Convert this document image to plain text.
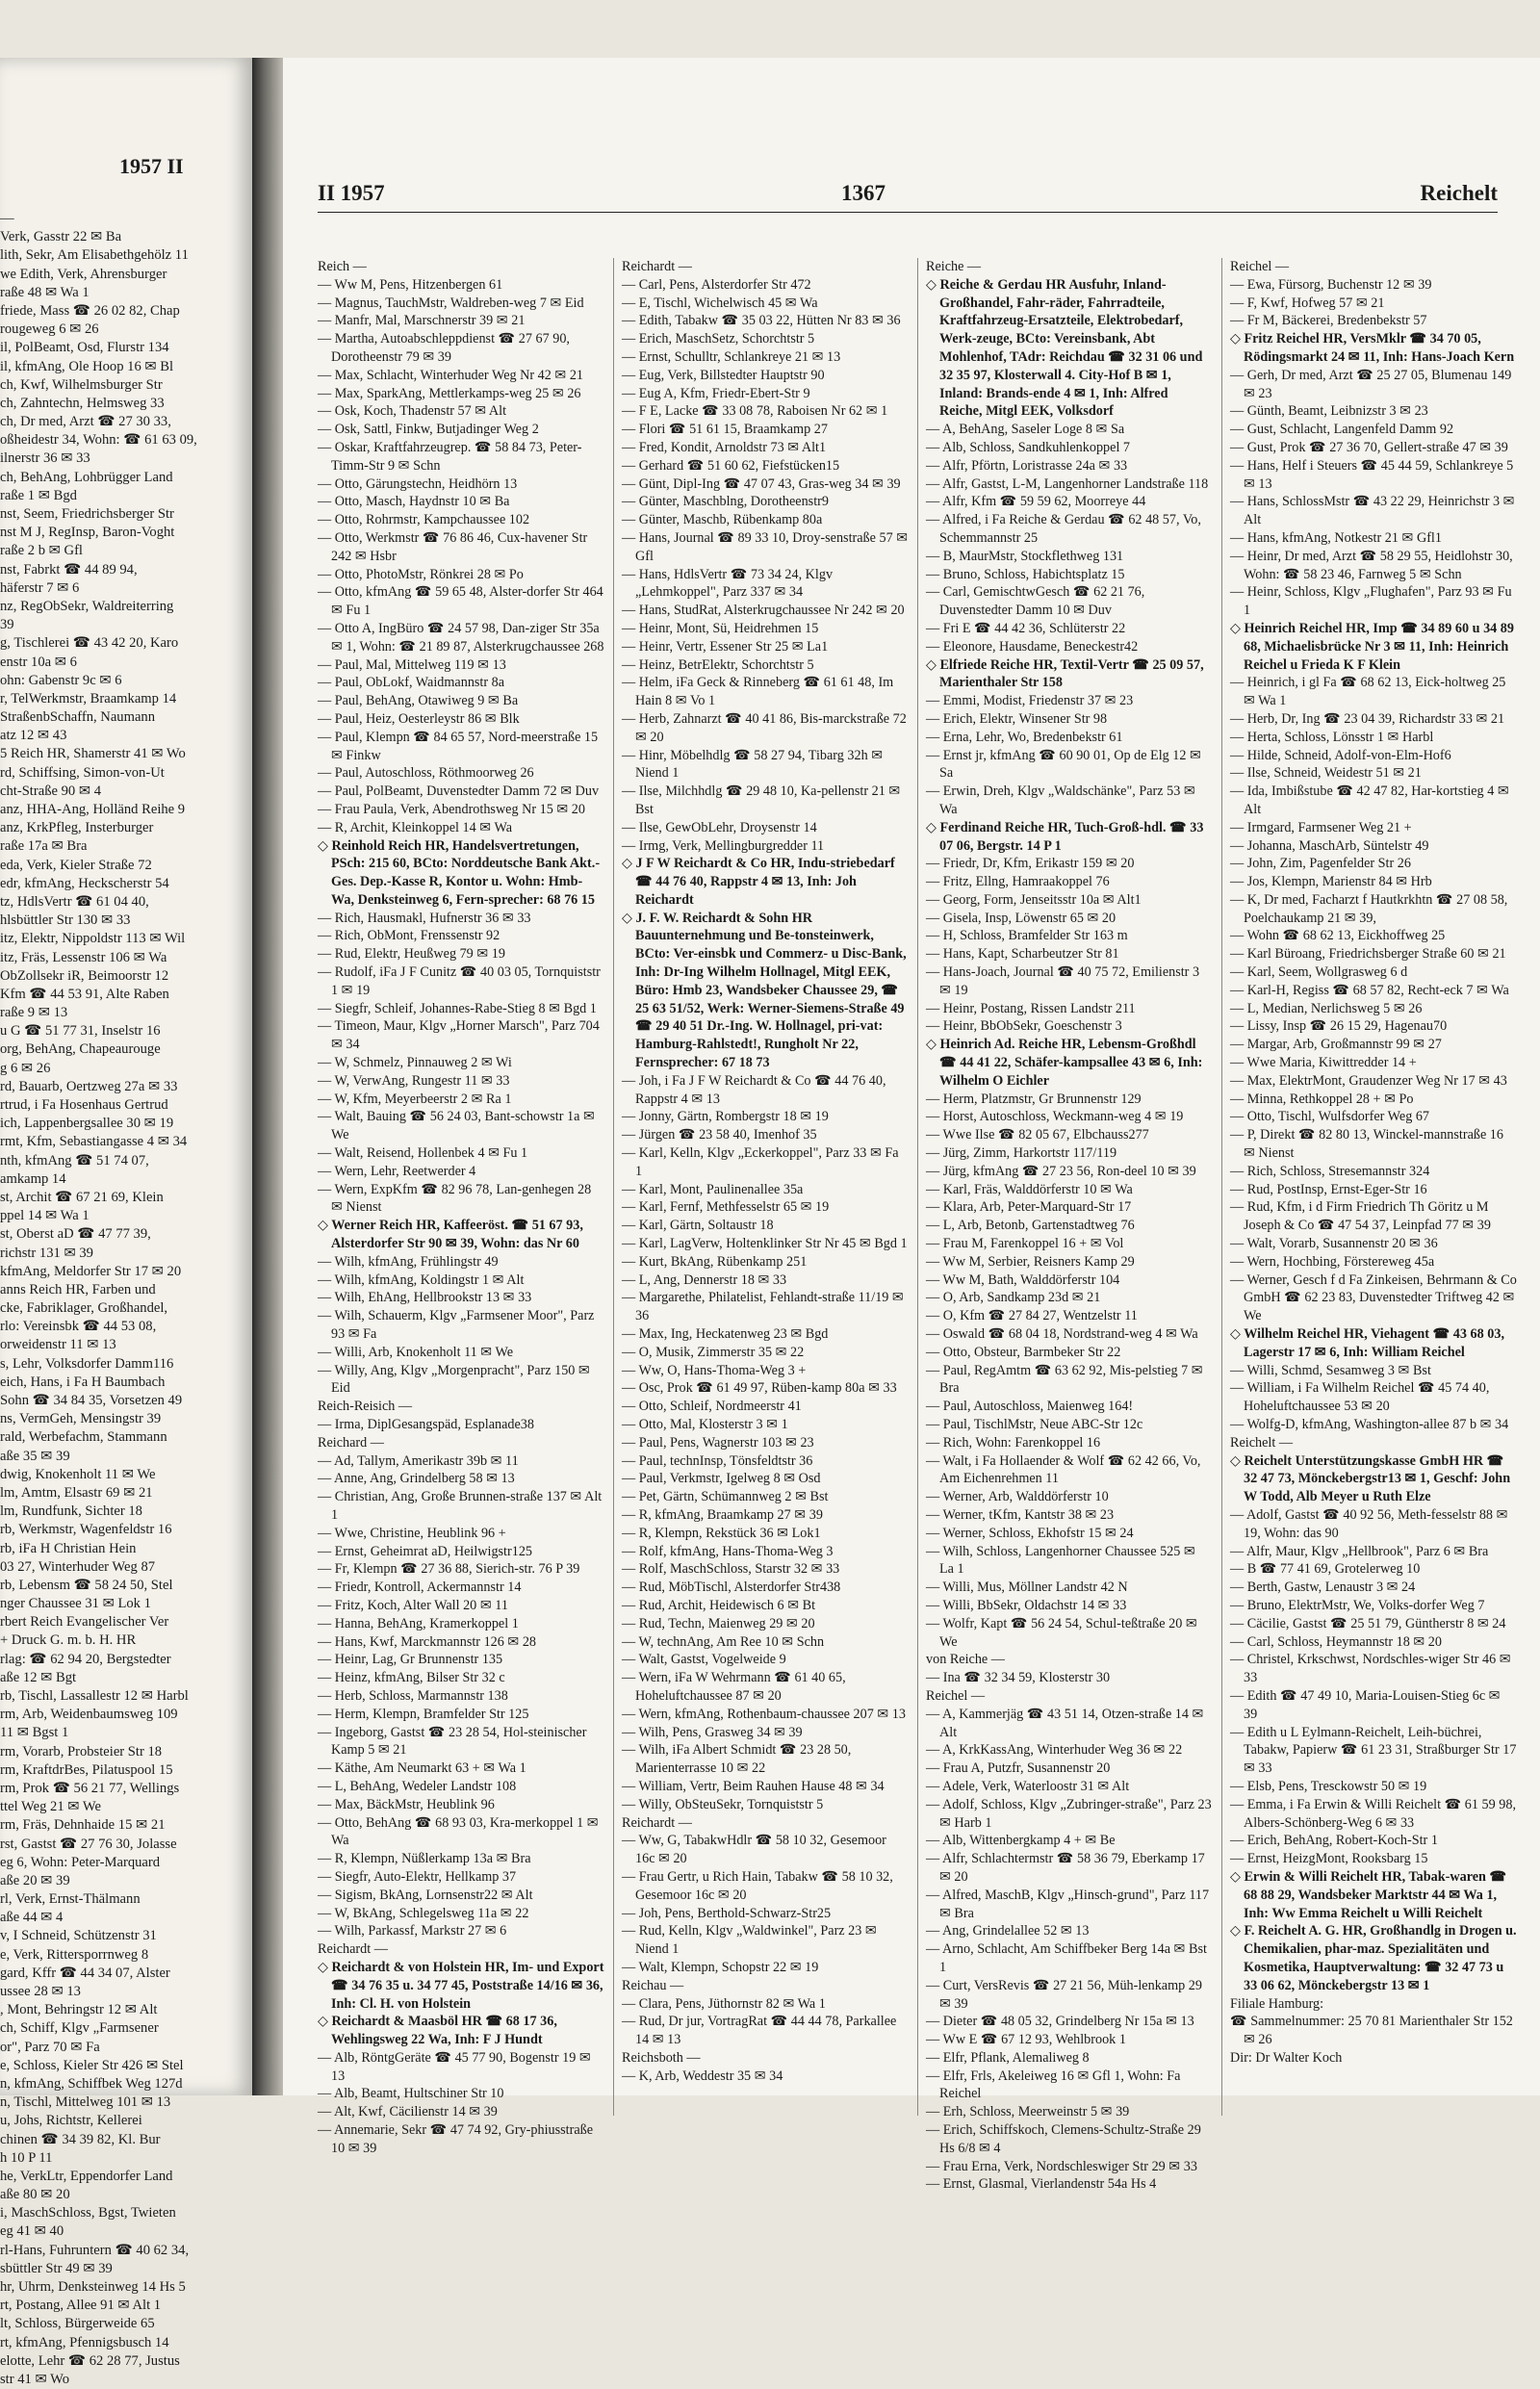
1957 II
—
Verk, Gasstr 22 ✉ Ba
lith, Sekr, Am Elisabethgehölz 11
we Edith, Verk, Ahrensburger
raße 48 ✉ Wa 1
friede, Mass ☎ 26 02 82, Chap
rougeweg 6 ✉ 26
il, PolBeamt, Osd, Flurstr 134
il, kfmAng, Ole Hoop 16 ✉ Bl
ch, Kwf, Wilhelmsburger Str
ch, Zahntechn, Helmsweg 33
ch, Dr med, Arzt ☎ 27 30 33,
oßheidestr 34, Wohn: ☎ 61 63 09,
ilnerstr 36 ✉ 33
ch, BehAng, Lohbrügger Land
raße 1 ✉ Bgd
nst, Seem, Friedrichsberger Str
nst M J, RegInsp, Baron-Voght
raße 2 b ✉ Gfl
nst, Fabrkt ☎ 44 89 94,
häferstr 7 ✉ 6
nz, RegObSekr, Waldreiterring
39
g, Tischlerei ☎ 43 42 20, Karo
enstr 10a ✉ 6
ohn: Gabenstr 9c ✉ 6
r, TelWerkmstr, Braamkamp 14
StraßenbSchaffn, Naumann
atz 12 ✉ 43
5 Reich HR, Shamerstr 41 ✉ Wo
rd, Schiffsing, Simon-von-Ut
cht-Straße 90 ✉ 4
anz, HHA-Ang, Holländ Reihe 9
anz, KrkPfleg, Insterburger
raße 17a ✉ Bra
eda, Verk, Kieler Straße 72
edr, kfmAng, Heckscherstr 54
tz, HdlsVertr ☎ 61 04 40,
hlsbüttler Str 130 ✉ 33
itz, Elektr, Nippoldstr 113 ✉ Wil
itz, Fräs, Lessenstr 106 ✉ Wa
ObZollsekr iR, Beimoorstr 12
Kfm ☎ 44 53 91, Alte Raben
raße 9 ✉ 13
u G ☎ 51 77 31, Inselstr 16
org, BehAng, Chapeaurouge
g 6 ✉ 26
rd, Bauarb, Oertzweg 27a ✉ 33
rtrud, i Fa Hosenhaus Gertrud
ich, Lappenbergsallee 30 ✉ 19
rmt, Kfm, Sebastiangasse 4 ✉ 34
nth, kfmAng ☎ 51 74 07,
amkamp 14
st, Archit ☎ 67 21 69, Klein
ppel 14 ✉ Wa 1
st, Oberst aD ☎ 47 77 39,
richstr 131 ✉ 39
kfmAng, Meldorfer Str 17 ✉ 20
anns Reich HR, Farben und
cke, Fabriklager, Großhandel,
rlo: Vereinsbk ☎ 44 53 08,
orweidenstr 11 ✉ 13
s, Lehr, Volksdorfer Damm116
eich, Hans, i Fa H Baumbach
Sohn ☎ 34 84 35, Vorsetzen 49
ns, VermGeh, Mensingstr 39
rald, Werbefachm, Stammann
aße 35 ✉ 39
dwig, Knokenholt 11 ✉ We
lm, Amtm, Elsastr 69 ✉ 21
lm, Rundfunk, Sichter 18
rb, Werkmstr, Wagenfeldstr 16
rb, iFa H Christian Hein
03 27, Winterhuder Weg 87
rb, Lebensm ☎ 58 24 50, Stel
nger Chaussee 31 ✉ Lok 1
rbert Reich Evangelischer Ver
+ Druck G. m. b. H. HR
rlag: ☎ 62 94 20, Bergstedter
aße 12 ✉ Bgt
rb, Tischl, Lassallestr 12 ✉ Harbl
rm, Arb, Weidenbaumsweg 109
11 ✉ Bgst 1
rm, Vorarb, Probsteier Str 18
rm, KraftdrBes, Pilatuspool 15
rm, Prok ☎ 56 21 77, Wellings
ttel Weg 21 ✉ We
rm, Fräs, Dehnhaide 15 ✉ 21
rst, Gastst ☎ 27 76 30, Jolasse
eg 6, Wohn: Peter-Marquard
aße 20 ✉ 39
rl, Verk, Ernst-Thälmann
aße 44 ✉ 4
v, I Schneid, Schützenstr 31
e, Verk, Rittersporrnweg 8
gard, Kffr ☎ 44 34 07, Alster
ussee 28 ✉ 13
, Mont, Behringstr 12 ✉ Alt
ch, Schiff, Klgv „Farmsener
or", Parz 70 ✉ Fa
e, Schloss, Kieler Str 426 ✉ Stel
n, kfmAng, Schiffbek Weg 127d
n, Tischl, Mittelweg 101 ✉ 13
u, Johs, Richtstr, Kellerei
chinen ☎ 34 39 82, Kl. Bur
h 10 P 11
he, VerkLtr, Eppendorfer Land
aße 80 ✉ 20
i, MaschSchloss, Bgst, Twieten
eg 41 ✉ 40
rl-Hans, Fuhruntern ☎ 40 62 34,
sbüttler Str 49 ✉ 39
hr, Uhrm, Denksteinweg 14 Hs 5
rt, Postang, Allee 91 ✉ Alt 1
lt, Schloss, Bürgerweide 65
rt, kfmAng, Pfennigsbusch 14
elotte, Lehr ☎ 62 28 77, Justus
str 41 ✉ Wo
II 1957	1367	Reichelt

Reich —

— Ww M, Pens, Hitzenbergen 61

— Magnus, TauchMstr, Waldreben-weg 7 ✉ Eid

— Manfr, Mal, Marschnerstr 39 ✉ 21

— Martha, Autoabschleppdienst ☎ 27 67 90, Dorotheenstr 79 ✉ 39

— Max, Schlacht, Winterhuder Weg Nr 42 ✉ 21

— Max, SparkAng, Mettlerkamps-weg 25 ✉ 26

— Osk, Koch, Thadenstr 57 ✉ Alt

— Osk, Sattl, Finkw, Butjadinger Weg 2

— Oskar, Kraftfahrzeugrep. ☎ 58 84 73, Peter-Timm-Str 9 ✉ Schn

— Otto, Gärungstechn, Heidhörn 13

— Otto, Masch, Haydnstr 10 ✉ Ba

— Otto, Rohrmstr, Kampchaussee 102

— Otto, Werkmstr ☎ 76 86 46, Cux-havener Str 242 ✉ Hsbr

— Otto, PhotoMstr, Rönkrei 28 ✉ Po

— Otto, kfmAng ☎ 59 65 48, Alster-dorfer Str 464 ✉ Fu 1

— Otto A, IngBüro ☎ 24 57 98, Dan-ziger Str 35a ✉ 1, Wohn: ☎ 21 89 87, Alsterkrugchaussee 268

— Paul, Mal, Mittelweg 119 ✉ 13

— Paul, ObLokf, Waidmannstr 8a

— Paul, BehAng, Otawiweg 9 ✉ Ba

— Paul, Heiz, Oesterleystr 86 ✉ Blk

— Paul, Klempn ☎ 84 65 57, Nord-meerstraße 15 ✉ Finkw

— Paul, Autoschloss, Röthmoorweg 26

— Paul, PolBeamt, Duvenstedter Damm 72 ✉ Duv

— Frau Paula, Verk, Abendrothsweg Nr 15 ✉ 20

— R, Archit, Kleinkoppel 14 ✉ Wa

◇ Reinhold Reich HR, Handelsvertretungen, PSch: 215 60, BCto: Norddeutsche Bank Akt.-Ges. Dep.-Kasse R, Kontor u. Wohn: Hmb-Wa, Denksteinweg 6, Fern-sprecher: 68 76 15

— Rich, Hausmakl, Hufnerstr 36 ✉ 33

— Rich, ObMont, Frenssenstr 92

— Rud, Elektr, Heußweg 79 ✉ 19

— Rudolf, iFa J F Cunitz ☎ 40 03 05, Tornquiststr 1 ✉ 19

— Siegfr, Schleif, Johannes-Rabe-Stieg 8 ✉ Bgd 1

— Timeon, Maur, Klgv „Horner Marsch", Parz 704 ✉ 34

— W, Schmelz, Pinnauweg 2 ✉ Wi

— W, VerwAng, Rungestr 11 ✉ 33

— W, Kfm, Meyerbeerstr 2 ✉ Ra 1

— Walt, Bauing ☎ 56 24 03, Bant-schowstr 1a ✉ We

— Walt, Reisend, Hollenbek 4 ✉ Fu 1

— Wern, Lehr, Reetwerder 4

— Wern, ExpKfm ☎ 82 96 78, Lan-genhegen 28 ✉ Nienst

◇ Werner Reich HR, Kaffeeröst. ☎ 51 67 93, Alsterdorfer Str 90 ✉ 39, Wohn: das Nr 60

— Wilh, kfmAng, Frühlingstr 49

— Wilh, kfmAng, Koldingstr 1 ✉ Alt

— Wilh, EhAng, Hellbrookstr 13 ✉ 33

— Wilh, Schauerm, Klgv „Farmsener Moor", Parz 93 ✉ Fa

— Willi, Arb, Knokenholt 11 ✉ We

— Willy, Ang, Klgv „Morgenpracht", Parz 150 ✉ Eid

Reich-Reisich —

— Irma, DiplGesangspäd, Esplanade38

Reichard —

— Ad, Tallym, Amerikastr 39b ✉ 11

— Anne, Ang, Grindelberg 58 ✉ 13

— Christian, Ang, Große Brunnen-straße 137 ✉ Alt 1

— Wwe, Christine, Heublink 96 +

— Ernst, Geheimrat aD, Heilwigstr125

— Fr, Klempn ☎ 27 36 88, Sierich-str. 76 P 39

— Friedr, Kontroll, Ackermannstr 14

— Fritz, Koch, Alter Wall 20 ✉ 11

— Hanna, BehAng, Kramerkoppel 1

— Hans, Kwf, Marckmannstr 126 ✉ 28

— Heinr, Lag, Gr Brunnenstr 135

— Heinz, kfmAng, Bilser Str 32 c

— Herb, Schloss, Marmannstr 138

— Herm, Klempn, Bramfelder Str 125

— Ingeborg, Gastst ☎ 23 28 54, Hol-steinischer Kamp 5 ✉ 21

— Käthe, Am Neumarkt 63 + ✉ Wa 1

— L, BehAng, Wedeler Landstr 108

— Max, BäckMstr, Heublink 96

— Otto, BehAng ☎ 68 93 03, Kra-merkoppel 1 ✉ Wa

— R, Klempn, Nüßlerkamp 13a ✉ Bra

— Siegfr, Auto-Elektr, Hellkamp 37

— Sigism, BkAng, Lornsenstr22 ✉ Alt

— W, BkAng, Schlegelsweg 11a ✉ 22

— Wilh, Parkassf, Markstr 27 ✉ 6

Reichardt —

◇ Reichardt & von Holstein HR, Im- und Export ☎ 34 76 35 u. 34 77 45, Poststraße 14/16 ✉ 36, Inh: Cl. H. von Holstein

◇ Reichardt & Maasböl HR ☎ 68 17 36, Wehlingsweg 22 Wa, Inh: F J Hundt

— Alb, RöntgGeräte ☎ 45 77 90, Bogenstr 19 ✉ 13

— Alb, Beamt, Hultschiner Str 10

— Alt, Kwf, Cäcilienstr 14 ✉ 39

— Annemarie, Sekr ☎ 47 74 92, Gry-phiusstraße 10 ✉ 39

Reichardt —

— Carl, Pens, Alsterdorfer Str 472

— E, Tischl, Wichelwisch 45 ✉ Wa

— Edith, Tabakw ☎ 35 03 22, Hütten Nr 83 ✉ 36

— Erich, MaschSetz, Schorchtstr 5

— Ernst, Schulltr, Schlankreye 21 ✉ 13

— Eug, Verk, Billstedter Hauptstr 90

— Eug A, Kfm, Friedr-Ebert-Str 9

— F E, Lacke ☎ 33 08 78, Raboisen Nr 62 ✉ 1

— Flori ☎ 51 61 15, Braamkamp 27

— Fred, Kondit, Arnoldstr 73 ✉ Alt1

— Gerhard ☎ 51 60 62, Fiefstücken15

— Günt, Dipl-Ing ☎ 47 07 43, Gras-weg 34 ✉ 39

— Günter, Maschblng, Dorotheenstr9

— Günter, Maschb, Rübenkamp 80a

— Hans, Journal ☎ 89 33 10, Droy-senstraße 57 ✉ Gfl

— Hans, HdlsVertr ☎ 73 34 24, Klgv „Lehmkoppel", Parz 337 ✉ 34

— Hans, StudRat, Alsterkrugchaussee Nr 242 ✉ 20

— Heinr, Mont, Sü, Heidrehmen 15

— Heinr, Vertr, Essener Str 25 ✉ La1

— Heinz, BetrElektr, Schorchtstr 5

— Helm, iFa Geck & Rinneberg ☎ 61 61 48, Im Hain 8 ✉ Vo 1

— Herb, Zahnarzt ☎ 40 41 86, Bis-marckstraße 72 ✉ 20

— Hinr, Möbelhdlg ☎ 58 27 94, Tibarg 32h ✉ Niend 1

— Ilse, Milchhdlg ☎ 29 48 10, Ka-pellenstr 21 ✉ Bst

— Ilse, GewObLehr, Droysenstr 14

— Irmg, Verk, Mellingburgredder 11

◇ J F W Reichardt & Co HR, Indu-striebedarf ☎ 44 76 40, Rappstr 4 ✉ 13, Inh: Joh Reichardt

◇ J. F. W. Reichardt & Sohn HR Bauunternehmung und Be-tonsteinwerk, BCto: Ver-einsbk und Commerz- u Disc-Bank, Inh: Dr-Ing Wilhelm Hollnagel, Mitgl EEK, Büro: Hmb 23, Wandsbeker Chaussee 29, ☎ 25 63 51/52, Werk: Werner-Siemens-Straße 49 ☎ 29 40 51 Dr.-Ing. W. Hollnagel, pri-vat: Hamburg-Rahlstedt!, Rungholt Nr 22, Fernsprecher: 67 18 73

— Joh, i Fa J F W Reichardt & Co ☎ 44 76 40, Rappstr 4 ✉ 13

— Jonny, Gärtn, Rombergstr 18 ✉ 19

— Jürgen ☎ 23 58 40, Imenhof 35

— Karl, Kelln, Klgv „Eckerkoppel", Parz 33 ✉ Fa 1

— Karl, Mont, Paulinenallee 35a

— Karl, Fernf, Methfesselstr 65 ✉ 19

— Karl, Gärtn, Soltaustr 18

— Karl, LagVerw, Holtenklinker Str Nr 45 ✉ Bgd 1

— Kurt, BkAng, Rübenkamp 251

— L, Ang, Dennerstr 18 ✉ 33

— Margarethe, Philatelist, Fehlandt-straße 11/19 ✉ 36

— Max, Ing, Heckatenweg 23 ✉ Bgd

— O, Musik, Zimmerstr 35 ✉ 22

— Ww, O, Hans-Thoma-Weg 3 +

— Osc, Prok ☎ 61 49 97, Rüben-kamp 80a ✉ 33

— Otto, Schleif, Nordmeerstr 41

— Otto, Mal, Klosterstr 3 ✉ 1

— Paul, Pens, Wagnerstr 103 ✉ 23

— Paul, technInsp, Tönsfeldtstr 36

— Paul, Verkmstr, Igelweg 8 ✉ Osd

— Pet, Gärtn, Schümannweg 2 ✉ Bst

— R, kfmAng, Braamkamp 27 ✉ 39

— R, Klempn, Rekstück 36 ✉ Lok1

— Rolf, kfmAng, Hans-Thoma-Weg 3

— Rolf, MaschSchloss, Starstr 32 ✉ 33

— Rud, MöbTischl, Alsterdorfer Str438

— Rud, Archit, Heidewisch 6 ✉ Bt

— Rud, Techn, Maienweg 29 ✉ 20

— W, technAng, Am Ree 10 ✉ Schn

— Walt, Gastst, Vogelweide 9

— Wern, iFa W Wehrmann ☎ 61 40 65, Hoheluftchaussee 87 ✉ 20

— Wern, kfmAng, Rothenbaum-chaussee 207 ✉ 13

— Wilh, Pens, Grasweg 34 ✉ 39

— Wilh, iFa Albert Schmidt ☎ 23 28 50, Marienterrasse 10 ✉ 22

— William, Vertr, Beim Rauhen Hause 48 ✉ 34

— Willy, ObSteuSekr, Tornquiststr 5

Reichardt —

— Ww, G, TabakwHdlr ☎ 58 10 32, Gesemoor 16c ✉ 20

— Frau Gertr, u Rich Hain, Tabakw ☎ 58 10 32, Gesemoor 16c ✉ 20

— Joh, Pens, Berthold-Schwarz-Str25

— Rud, Kelln, Klgv „Waldwinkel", Parz 23 ✉ Niend 1

— Walt, Klempn, Schopstr 22 ✉ 19

Reichau —

— Clara, Pens, Jüthornstr 82 ✉ Wa 1

— Rud, Dr jur, VortragRat ☎ 44 44 78, Parkallee 14 ✉ 13

Reichsboth —

— K, Arb, Weddestr 35 ✉ 34

Reiche —

◇ Reiche & Gerdau HR Ausfuhr, Inland-Großhandel, Fahr-räder, Fahrradteile, Kraftfahrzeug-Ersatzteile, Elektrobedarf, Werk-zeuge, BCto: Vereinsbank, Abt Mohlenhof, TAdr: Reichdau ☎ 32 31 06 und 32 35 97, Klosterwall 4. City-Hof B ✉ 1, Inland: Brands-ende 4 ✉ 1, Inh: Alfred Reiche, Mitgl EEK, Volksdorf

— A, BehAng, Saseler Loge 8 ✉ Sa

— Alb, Schloss, Sandkuhlenkoppel 7

— Alfr, Pförtn, Loristrasse 24a ✉ 33

— Alfr, Gastst, L-M, Langenhorner Landstraße 118

— Alfr, Kfm ☎ 59 59 62, Moorreye 44

— Alfred, i Fa Reiche & Gerdau ☎ 62 48 57, Vo, Schemmannstr 25

— B, MaurMstr, Stockflethweg 131

— Bruno, Schloss, Habichtsplatz 15

— Carl, GemischtwGesch ☎ 62 21 76, Duvenstedter Damm 10 ✉ Duv

— Fri E ☎ 44 42 36, Schlüterstr 22

— Eleonore, Hausdame, Beneckestr42

◇ Elfriede Reiche HR, Textil-Vertr ☎ 25 09 57, Marienthaler Str 158

— Emmi, Modist, Friedenstr 37 ✉ 23

— Erich, Elektr, Winsener Str 98

— Erna, Lehr, Wo, Bredenbekstr 61

— Ernst jr, kfmAng ☎ 60 90 01, Op de Elg 12 ✉ Sa

— Erwin, Dreh, Klgv „Waldschänke", Parz 53 ✉ Wa

◇ Ferdinand Reiche HR, Tuch-Groß-hdl. ☎ 33 07 06, Bergstr. 14 P 1

— Friedr, Dr, Kfm, Erikastr 159 ✉ 20

— Fritz, Ellng, Hamraakoppel 76

— Georg, Form, Jenseitsstr 10a ✉ Alt1

— Gisela, Insp, Löwenstr 65 ✉ 20

— H, Schloss, Bramfelder Str 163 m

— Hans, Kapt, Scharbeutzer Str 81

— Hans-Joach, Journal ☎ 40 75 72, Emilienstr 3 ✉ 19

— Heinr, Postang, Rissen Landstr 211

— Heinr, BbObSekr, Goeschenstr 3

◇ Heinrich Ad. Reiche HR, Lebensm-Großhdl ☎ 44 41 22, Schäfer-kampsallee 43 ✉ 6, Inh: Wilhelm O Eichler

— Herm, Platzmstr, Gr Brunnenstr 129

— Horst, Autoschloss, Weckmann-weg 4 ✉ 19

— Wwe Ilse ☎ 82 05 67, Elbchauss277

— Jürg, Zimm, Harkortstr 117/119

— Jürg, kfmAng ☎ 27 23 56, Ron-deel 10 ✉ 39

— Karl, Fräs, Walddörferstr 10 ✉ Wa

— Klara, Arb, Peter-Marquard-Str 17

— L, Arb, Betonb, Gartenstadtweg 76

— Frau M, Farenkoppel 16 + ✉ Vol

— Ww M, Serbier, Reisners Kamp 29

— Ww M, Bath, Walddörferstr 104

— O, Arb, Sandkamp 23d ✉ 21

— O, Kfm ☎ 27 84 27, Wentzelstr 11

— Oswald ☎ 68 04 18, Nordstrand-weg 4 ✉ Wa

— Otto, Obsteur, Barmbeker Str 22

— Paul, RegAmtm ☎ 63 62 92, Mis-pelstieg 7 ✉ Bra

— Paul, Autoschloss, Maienweg 164!

— Paul, TischlMstr, Neue ABC-Str 12c

— Rich, Wohn: Farenkoppel 16

— Walt, i Fa Hollaender & Wolf ☎ 62 42 66, Vo, Am Eichenrehmen 11

— Werner, Arb, Walddörferstr 10

— Werner, tKfm, Kantstr 38 ✉ 23

— Werner, Schloss, Ekhofstr 15 ✉ 24

— Wilh, Schloss, Langenhorner Chaussee 525 ✉ La 1

— Willi, Mus, Möllner Landstr 42 N

— Willi, BbSekr, Oldachstr 14 ✉ 33

— Wolfr, Kapt ☎ 56 24 54, Schul-teßtraße 20 ✉ We

von Reiche —

— Ina ☎ 32 34 59, Klosterstr 30

Reichel —

— A, Kammerjäg ☎ 43 51 14, Otzen-straße 14 ✉ Alt

— A, KrkKassAng, Winterhuder Weg 36 ✉ 22

— Frau A, Putzfr, Susannenstr 20

— Adele, Verk, Waterloostr 31 ✉ Alt

— Adolf, Schloss, Klgv „Zubringer-straße", Parz 23 ✉ Harb 1

— Alb, Wittenbergkamp 4 + ✉ Be

— Alfr, Schlachtermstr ☎ 58 36 79, Eberkamp 17 ✉ 20

— Alfred, MaschB, Klgv „Hinsch-grund", Parz 117 ✉ Bra

— Ang, Grindelallee 52 ✉ 13

— Arno, Schlacht, Am Schiffbeker Berg 14a ✉ Bst 1

— Curt, VersRevis ☎ 27 21 56, Müh-lenkamp 29 ✉ 39

— Dieter ☎ 48 05 32, Grindelberg Nr 15a ✉ 13

— Ww E ☎ 67 12 93, Wehlbrook 1

— Elfr, Pflank, Alemaliweg 8

— Elfr, Frls, Akeleiweg 16 ✉ Gfl 1, Wohn: Fa Reichel

— Erh, Schloss, Meerweinstr 5 ✉ 39

— Erich, Schiffskoch, Clemens-Schultz-Straße 29 Hs 6/8 ✉ 4

— Frau Erna, Verk, Nordschleswiger Str 29 ✉ 33

— Ernst, Glasmal, Vierlandenstr 54a Hs 4

Reichel —

— Ewa, Fürsorg, Buchenstr 12 ✉ 39

— F, Kwf, Hofweg 57 ✉ 21

— Fr M, Bäckerei, Bredenbekstr 57

◇ Fritz Reichel HR, VersMklr ☎ 34 70 05, Rödingsmarkt 24 ✉ 11, Inh: Hans-Joach Kern

— Gerh, Dr med, Arzt ☎ 25 27 05, Blumenau 149 ✉ 23

— Günth, Beamt, Leibnizstr 3 ✉ 23

— Gust, Schlacht, Langenfeld Damm 92

— Gust, Prok ☎ 27 36 70, Gellert-straße 47 ✉ 39

— Hans, Helf i Steuers ☎ 45 44 59, Schlankreye 5 ✉ 13

— Hans, SchlossMstr ☎ 43 22 29, Heinrichstr 3 ✉ Alt

— Hans, kfmAng, Notkestr 21 ✉ Gfl1

— Heinr, Dr med, Arzt ☎ 58 29 55, Heidlohstr 30, Wohn: ☎ 58 23 46, Farnweg 5 ✉ Schn

— Heinr, Schloss, Klgv „Flughafen", Parz 93 ✉ Fu 1

◇ Heinrich Reichel HR, Imp ☎ 34 89 60 u 34 89 68, Michaelisbrücke Nr 3 ✉ 11, Inh: Heinrich Reichel u Frieda K F Klein

— Heinrich, i gl Fa ☎ 68 62 13, Eick-holtweg 25 ✉ Wa 1

— Herb, Dr, Ing ☎ 23 04 39, Richardstr 33 ✉ 21

— Herta, Schloss, Lönsstr 1 ✉ Harbl

— Hilde, Schneid, Adolf-von-Elm-Hof6

— Ilse, Schneid, Weidestr 51 ✉ 21

— Ida, Imbißstube ☎ 42 47 82, Har-kortstieg 4 ✉ Alt

— Irmgard, Farmsener Weg 21 +

— Johanna, MaschArb, Süntelstr 49

— John, Zim, Pagenfelder Str 26

— Jos, Klempn, Marienstr 84 ✉ Hrb

— K, Dr med, Facharzt f Hautkrkhtn ☎ 27 08 58, Poelchaukamp 21 ✉ 39,

— Wohn ☎ 68 62 13, Eickhoffweg 25

— Karl Büroang, Friedrichsberger Straße 60 ✉ 21

— Karl, Seem, Wollgrasweg 6 d

— Karl-H, Regiss ☎ 68 57 82, Recht-eck 7 ✉ Wa

— L, Median, Nerlichsweg 5 ✉ 26

— Lissy, Insp ☎ 26 15 29, Hagenau70

— Margar, Arb, Großmannstr 99 ✉ 27

— Wwe Maria, Kiwittredder 14 +

— Max, ElektrMont, Graudenzer Weg Nr 17 ✉ 43

— Minna, Rethkoppel 28 + ✉ Po

— Otto, Tischl, Wulfsdorfer Weg 67

— P, Direkt ☎ 82 80 13, Winckel-mannstraße 16 ✉ Nienst

— Rich, Schloss, Stresemannstr 324

— Rud, PostInsp, Ernst-Eger-Str 16

— Rud, Kfm, i d Firm Friedrich Th Göritz u M Joseph & Co ☎ 47 54 37, Leinpfad 77 ✉ 39

— Walt, Vorarb, Susannenstr 20 ✉ 36

— Wern, Hochbing, Förstereweg 45a

— Werner, Gesch f d Fa Zinkeisen, Behrmann & Co GmbH ☎ 62 23 83, Duvenstedter Triftweg 42 ✉ We

◇ Wilhelm Reichel HR, Viehagent ☎ 43 68 03, Lagerstr 17 ✉ 6, Inh: William Reichel

— Willi, Schmd, Sesamweg 3 ✉ Bst

— William, i Fa Wilhelm Reichel ☎ 45 74 40, Hoheluftchaussee 53 ✉ 20

— Wolfg-D, kfmAng, Washington-allee 87 b ✉ 34

Reichelt —

◇ Reichelt Unterstützungskasse GmbH HR ☎ 32 47 73, Mönckebergstr13 ✉ 1, Geschf: John W Todd, Alb Meyer u Ruth Elze

— Adolf, Gastst ☎ 40 92 56, Meth-fesselstr 88 ✉ 19, Wohn: das 90

— Alfr, Maur, Klgv „Hellbrook", Parz 6 ✉ Bra

— B ☎ 77 41 69, Grotelerweg 10

— Berth, Gastw, Lenaustr 3 ✉ 24

— Bruno, ElektrMstr, We, Volks-dorfer Weg 7

— Cäcilie, Gastst ☎ 25 51 79, Güntherstr 8 ✉ 24

— Carl, Schloss, Heymannstr 18 ✉ 20

— Christel, Krkschwst, Nordschles-wiger Str 46 ✉ 33

— Edith ☎ 47 49 10, Maria-Louisen-Stieg 6c ✉ 39

— Edith u L Eylmann-Reichelt, Leih-büchrei, Tabakw, Papierw ☎ 61 23 31, Straßburger Str 17 ✉ 33

— Elsb, Pens, Tresckowstr 50 ✉ 19

— Emma, i Fa Erwin & Willi Reichelt ☎ 61 59 98, Albers-Schönberg-Weg 6 ✉ 33

— Erich, BehAng, Robert-Koch-Str 1

— Ernst, HeizgMont, Rooksbarg 15

◇ Erwin & Willi Reichelt HR, Tabak-waren ☎ 68 88 29, Wandsbeker Marktstr 44 ✉ Wa 1, Inh: Ww Emma Reichelt u Willi Reichelt

◇ F. Reichelt A. G. HR, Großhandlg in Drogen u. Chemikalien, phar-maz. Spezialitäten und Kosmetika, Hauptverwaltung: ☎ 32 47 73 u 33 06 62, Mönckebergstr 13 ✉ 1

Filiale Hamburg:

☎ Sammelnummer: 25 70 81 Marienthaler Str 152 ✉ 26

Dir: Dr Walter Koch
